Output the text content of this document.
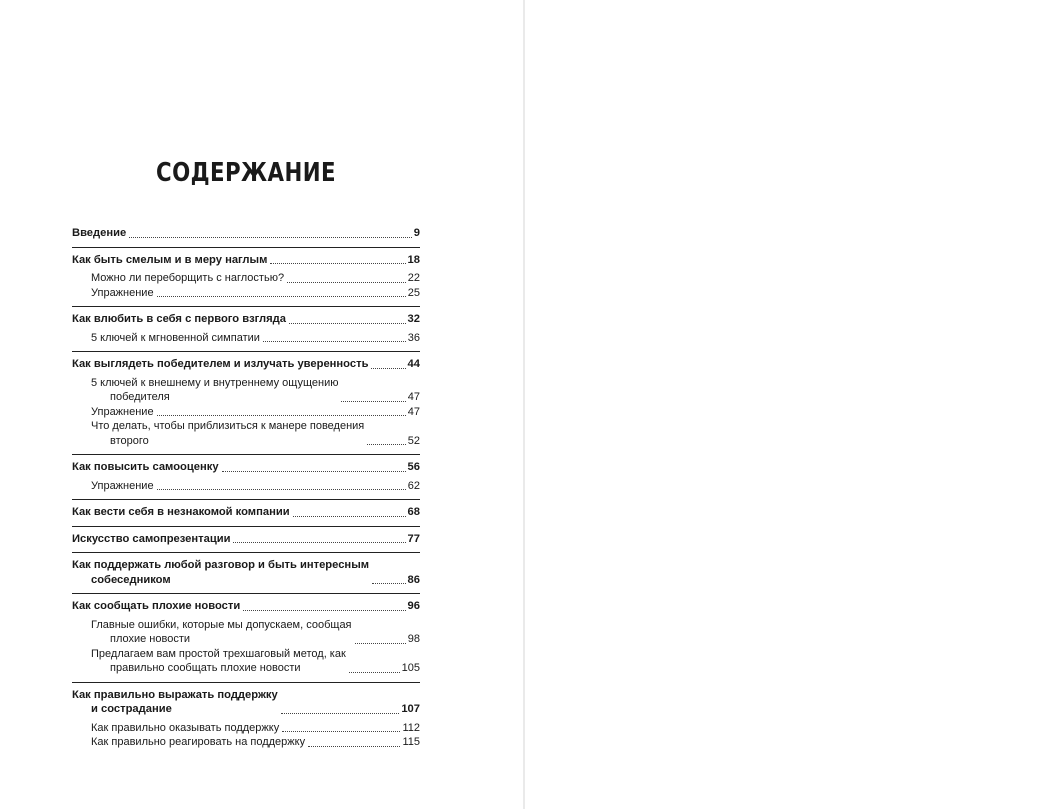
СОДЕРЖАНИЕ
Введение	9
Как быть смелым и в меру наглым	18
Можно ли переборщить с наглостью?	22
Упражнение	25
Как влюбить в себя с первого взгляда	32
5 ключей к мгновенной симпатии	36
Как выглядеть победителем и излучать уверенность	44
5 ключей к внешнему и внутреннему ощущению
победителя	47
Упражнение	47
Что делать, чтобы приблизиться к манере поведения
второго	52
Как повысить самооценку	56
Упражнение	62
Как вести себя в незнакомой компании	68
Искусство самопрезентации	77
Как поддержать любой разговор и быть интересным
собеседником	86
Как сообщать плохие новости	96
Главные ошибки, которые мы допускаем, сообщая
плохие новости	98
Предлагаем вам простой трехшаговый метод, как
правильно сообщать плохие новости	105
Как правильно выражать поддержку
и сострадание	107
Как правильно оказывать поддержку	112
Как правильно реагировать на поддержку	115
